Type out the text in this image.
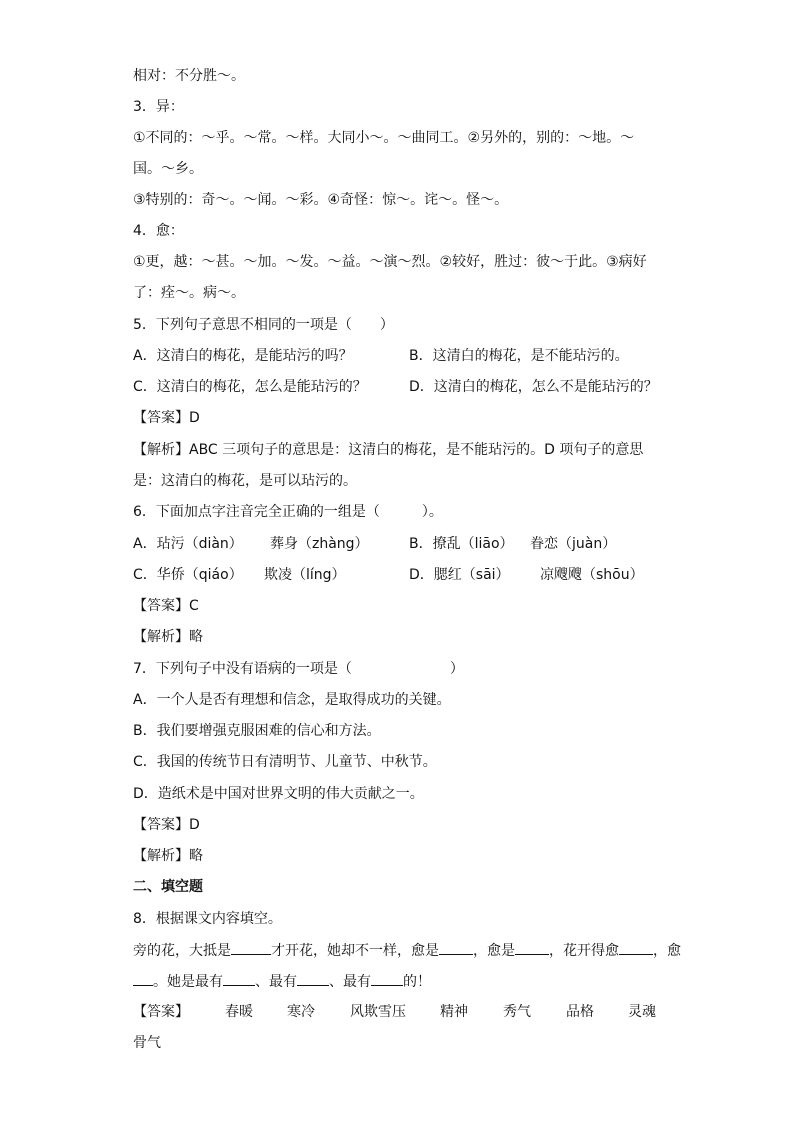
相对：不分胜～。
3．异：
①不同的：～乎。～常。～样。大同小～。～曲同工。②另外的，别的：～地。～
国。～乡。
③特别的：奇～。～闻。～彩。④奇怪：惊～。诧～。怪～。
4．愈：
①更，越：～甚。～加。～发。～益。～演～烈。②较好，胜过：彼～于此。③病好
了：痊～。病～。
5．下列句子意思不相同的一项是（　　）
A．这清白的梅花，是能玷污的吗？	B．这清白的梅花，是不能玷污的。
C．这清白的梅花，怎么是能玷污的？	D．这清白的梅花，怎么不是能玷污的？
【答案】D
【解析】ABC 三项句子的意思是：这清白的梅花，是不能玷污的。D 项句子的意思
是：这清白的梅花，是可以玷污的。
6．下面加点字注音完全正确的一组是（　　　）。
A．玷污（diàn） 葬身（zhàng）	B．撩乱（liāo） 眷恋（juàn）
C．华侨（qiáo） 欺凌（líng）	D．腮红（sāi） 凉飕飕（shōu）
【答案】C
【解析】略
7．下列句子中没有语病的一项是（　　　　　　　）
A．一个人是否有理想和信念，是取得成功的关键。
B．我们要增强克服困难的信心和方法。
C．我国的传统节日有清明节、儿童节、中秋节。
D．造纸术是中国对世界文明的伟大贡献之一。
【答案】D
【解析】略
二、填空题
8．根据课文内容填空。
旁的花，大抵是	才开花，她却不一样，愈是 ，愈是 ，花开得愈 ，愈
。她是最有 、最有 、最有 的！
【答案】	春暖 寒冷	风欺雪压 精神	秀气	品格 灵魂
骨气
